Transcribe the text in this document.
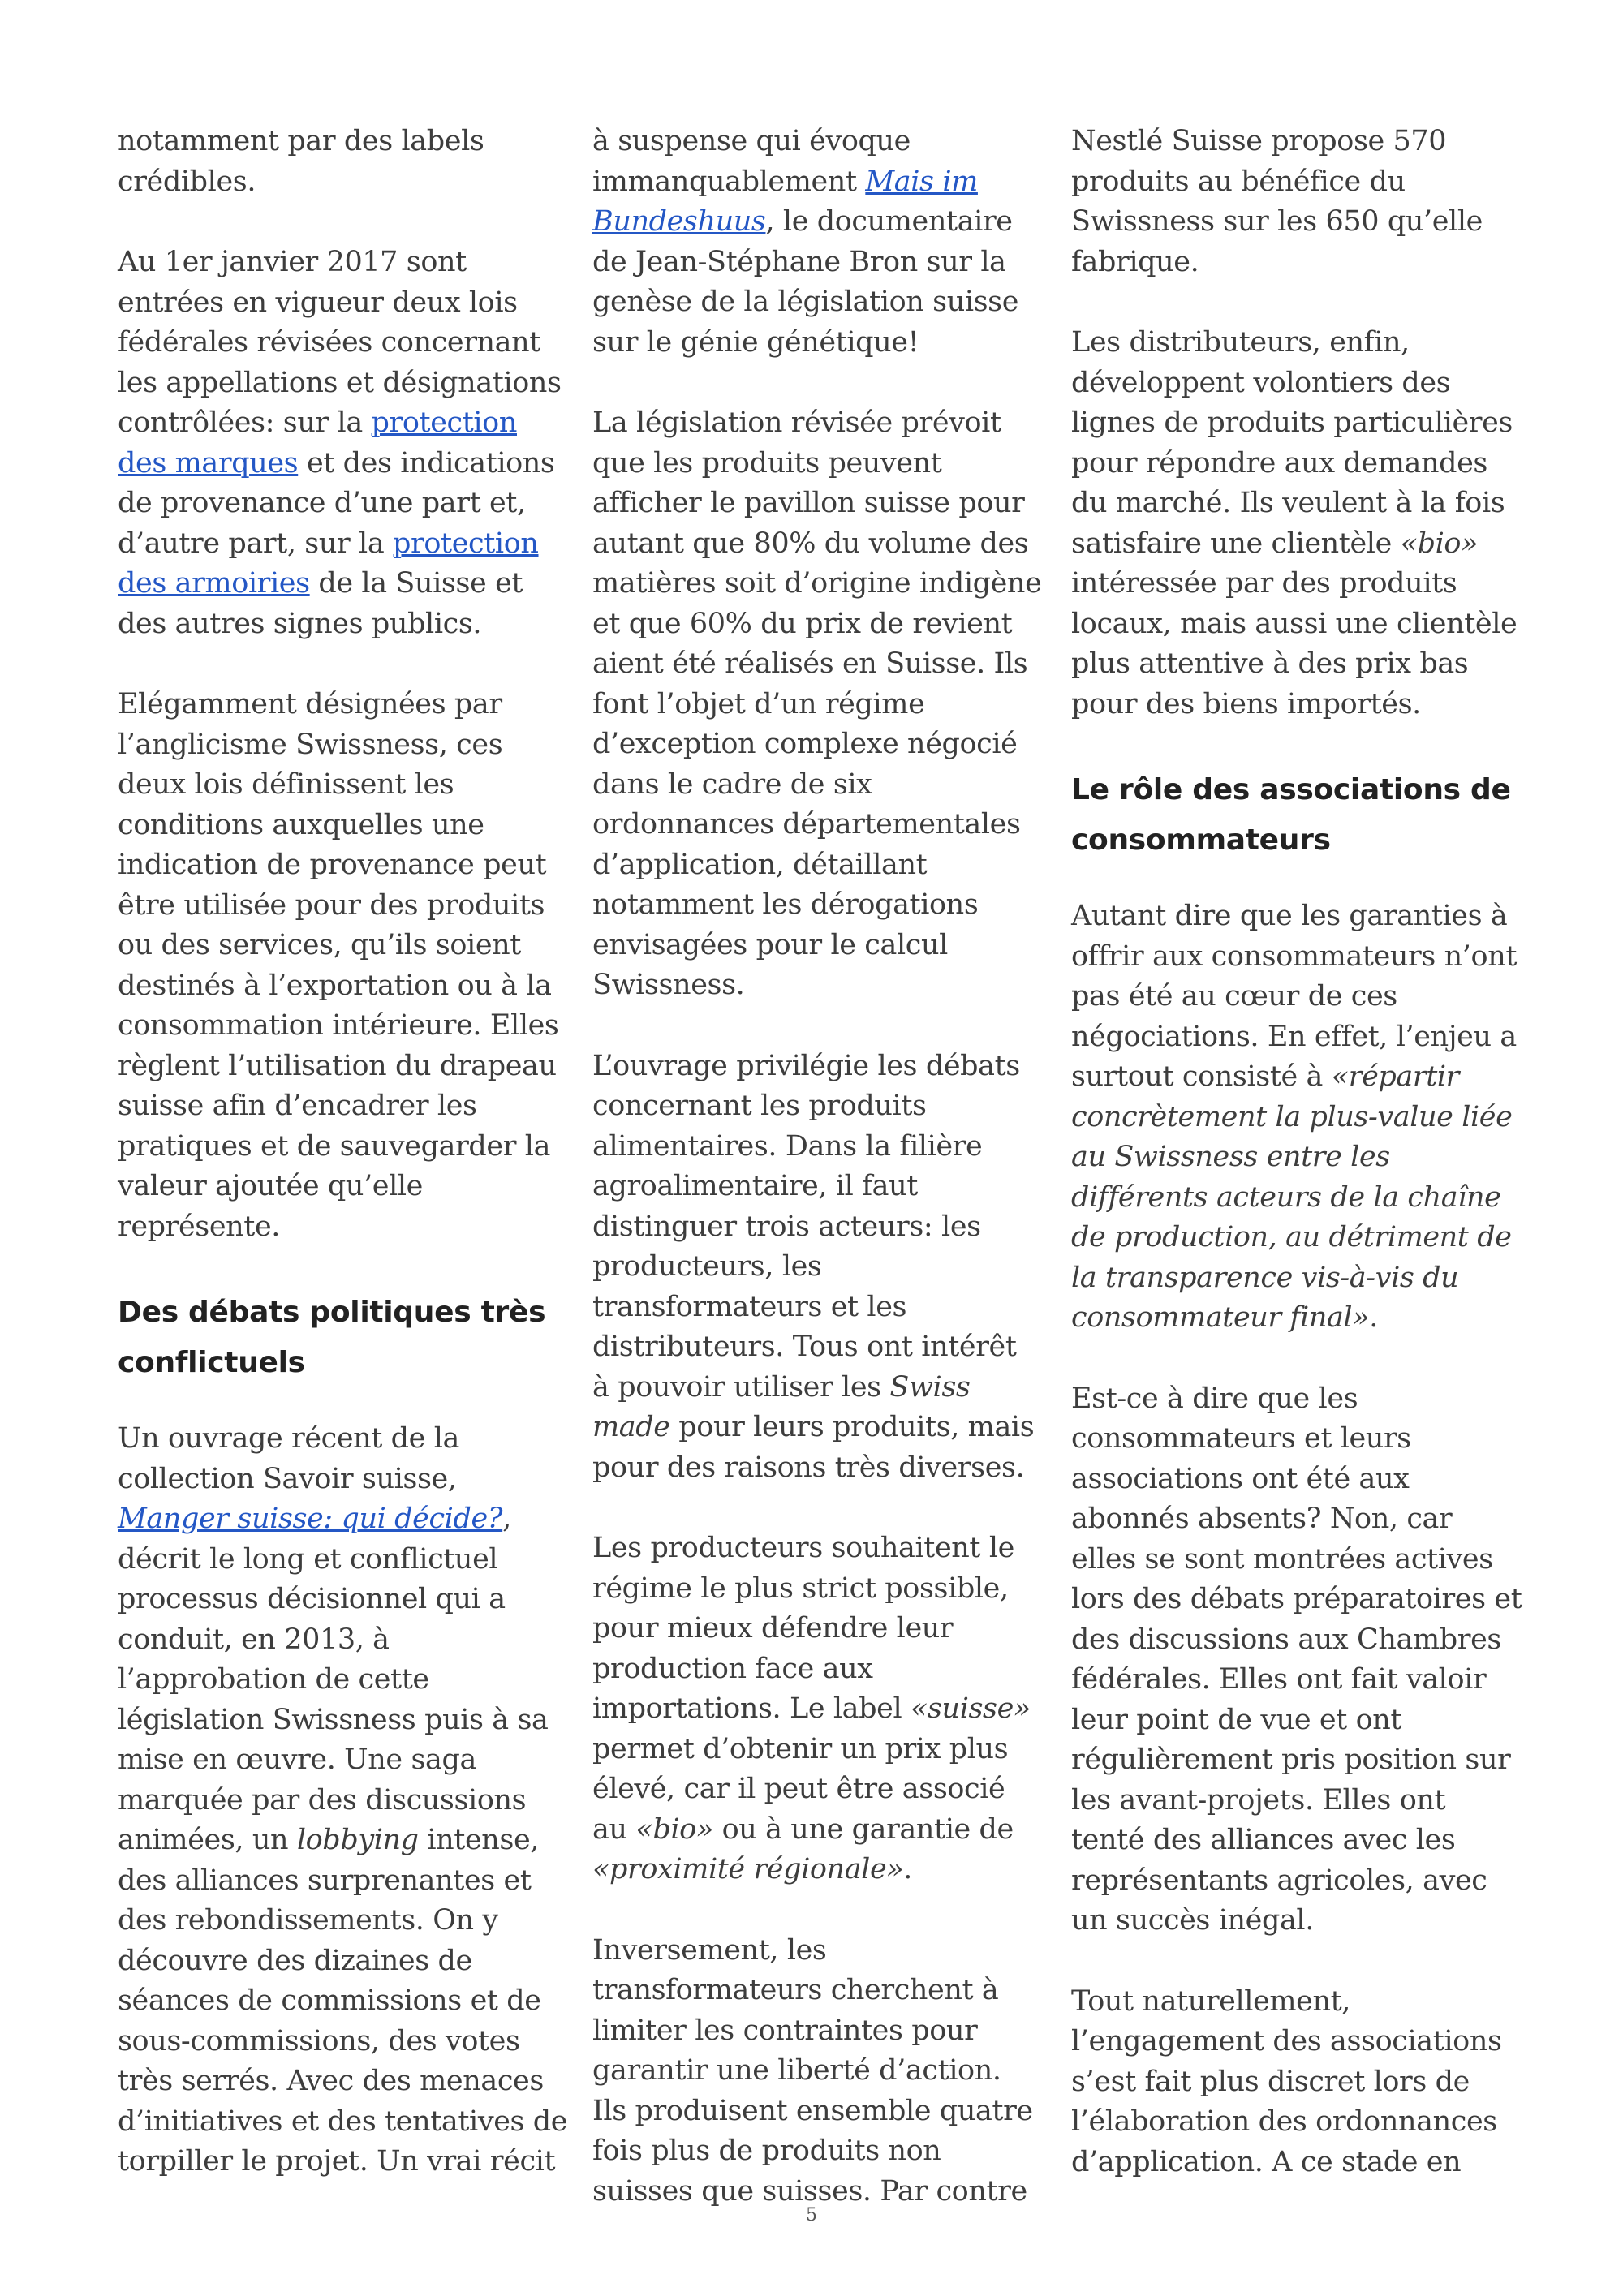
notamment par des labels
crédibles.

Au 1er janvier 2017 sont
entrées en vigueur deux lois
fédérales révisées concernant
les appellations et désignations
contrôlées: sur la protection
des marques et des indications
de provenance d’une part et,
d’autre part, sur la protection
des armoiries de la Suisse et
des autres signes publics.

Elégamment désignées par
l’anglicisme Swissness, ces
deux lois définissent les
conditions auxquelles une
indication de provenance peut
être utilisée pour des produits
ou des services, qu’ils soient
destinés à l’exportation ou à la
consommation intérieure. Elles
règlent l’utilisation du drapeau
suisse afin d’encadrer les
pratiques et de sauvegarder la
valeur ajoutée qu’elle
représente.

Des débats politiques très
conflictuels

Un ouvrage récent de la
collection Savoir suisse,
Manger suisse: qui décide?,
décrit le long et conflictuel
processus décisionnel qui a
conduit, en 2013, à
l’approbation de cette
législation Swissness puis à sa
mise en œuvre. Une saga
marquée par des discussions
animées, un lobbying intense,
des alliances surprenantes et
des rebondissements. On y
découvre des dizaines de
séances de commissions et de
sous-commissions, des votes
très serrés. Avec des menaces
d’initiatives et des tentatives de
torpiller le projet. Un vrai récit

à suspense qui évoque
immanquablement Mais im
Bundeshuus, le documentaire
de Jean-Stéphane Bron sur la
genèse de la législation suisse
sur le génie génétique!

La législation révisée prévoit
que les produits peuvent
afficher le pavillon suisse pour
autant que 80% du volume des
matières soit d’origine indigène
et que 60% du prix de revient
aient été réalisés en Suisse. Ils
font l’objet d’un régime
d’exception complexe négocié
dans le cadre de six
ordonnances départementales
d’application, détaillant
notamment les dérogations
envisagées pour le calcul
Swissness.

L’ouvrage privilégie les débats
concernant les produits
alimentaires. Dans la filière
agroalimentaire, il faut
distinguer trois acteurs: les
producteurs, les
transformateurs et les
distributeurs. Tous ont intérêt
à pouvoir utiliser les Swiss
made pour leurs produits, mais
pour des raisons très diverses.

Les producteurs souhaitent le
régime le plus strict possible,
pour mieux défendre leur
production face aux
importations. Le label «suisse»
permet d’obtenir un prix plus
élevé, car il peut être associé
au «bio» ou à une garantie de
«proximité régionale».

Inversement, les
transformateurs cherchent à
limiter les contraintes pour
garantir une liberté d’action.
Ils produisent ensemble quatre
fois plus de produits non
suisses que suisses. Par contre

Nestlé Suisse propose 570
produits au bénéfice du
Swissness sur les 650 qu’elle
fabrique.

Les distributeurs, enfin,
développent volontiers des
lignes de produits particulières
pour répondre aux demandes
du marché. Ils veulent à la fois
satisfaire une clientèle «bio»
intéressée par des produits
locaux, mais aussi une clientèle
plus attentive à des prix bas
pour des biens importés.

Le rôle des associations de
consommateurs

Autant dire que les garanties à
offrir aux consommateurs n’ont
pas été au cœur de ces
négociations. En effet, l’enjeu a
surtout consisté à «répartir
concrètement la plus-value liée
au Swissness entre les
différents acteurs de la chaîne
de production, au détriment de
la transparence vis-à-vis du
consommateur final».

Est-ce à dire que les
consommateurs et leurs
associations ont été aux
abonnés absents? Non, car
elles se sont montrées actives
lors des débats préparatoires et
des discussions aux Chambres
fédérales. Elles ont fait valoir
leur point de vue et ont
régulièrement pris position sur
les avant-projets. Elles ont
tenté des alliances avec les
représentants agricoles, avec
un succès inégal.

Tout naturellement,
l’engagement des associations
s’est fait plus discret lors de
l’élaboration des ordonnances
d’application. A ce stade en

5
